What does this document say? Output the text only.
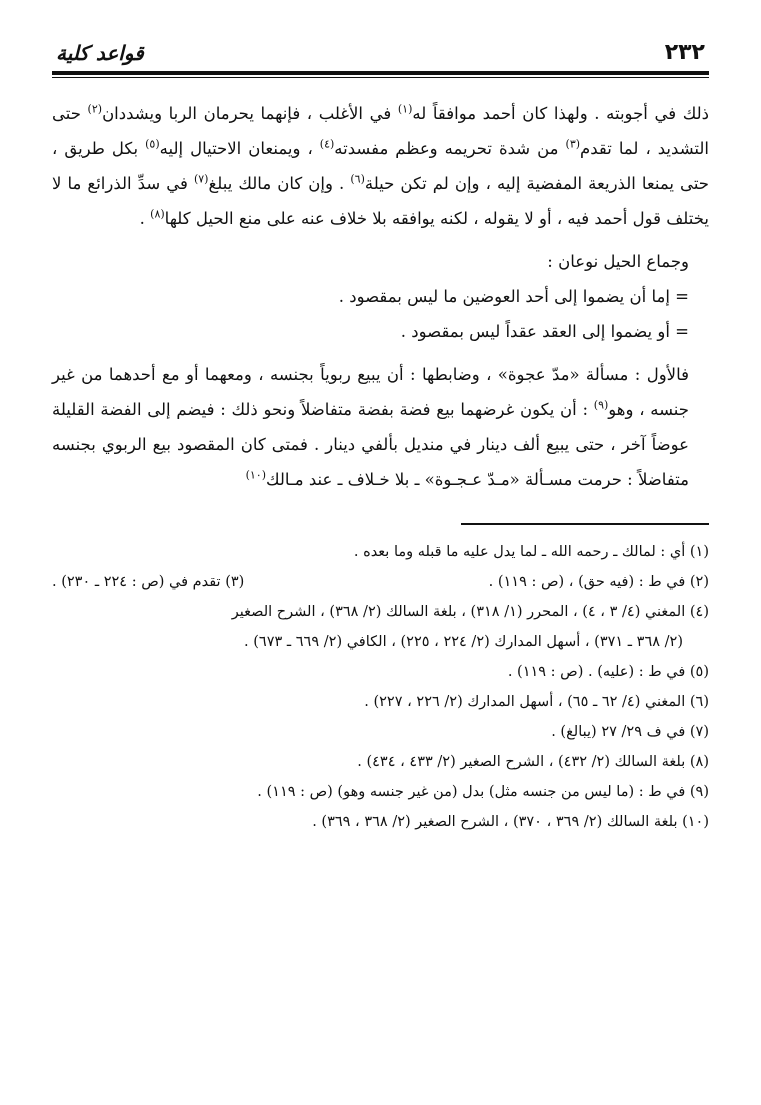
٢٣٢
قواعد كلية

ذلك في أجوبته . ولهذا كان أحمد موافقاً له$^{(١)}$ في الأغلب ، فإنهما يحرمان الربا ويشددان$^{(٢)}$ حتى التشديد ، لما تقدم$^{(٣)}$ من شدة تحريمه وعظم مفسدته$^{(٤)}$ ، ويمنعان الاحتيال إليه$^{(٥)}$ بكل طريق ، حتى يمنعا الذريعة المفضية إليه ، وإن لم تكن حيلة$^{(٦)}$ . وإن كان مالك يبلغ$^{(٧)}$ في سدِّ الذرائع ما لا يختلف قول أحمد فيه ، أو لا يقوله ، لكنه يوافقه بلا خلاف عنه على منع الحيل كلها$^{(٨)}$ .

وجماع الحيل نوعان :

= إما أن يضموا إلى أحد العوضين ما ليس بمقصود .

= أو يضموا إلى العقد عقداً ليس بمقصود .

فالأول : مسألة «مدّ عجوة» ، وضابطها : أن يبيع ربوياً بجنسه ، ومعهما أو مع أحدهما من غير جنسه ، وهو$^{(٩)}$ : أن يكون غرضهما بيع فضة بفضة متفاضلاً ونحو ذلك : فيضم إلى الفضة القليلة عوضاً آخر ، حتى يبيع ألف دينار في منديل بألفي دينار . فمتى كان المقصود بيع الربوي بجنسه متفاضلاً : حرمت مسـألة «مـدّ عـجـوة» ـ بلا خـلاف ـ عند مـالك$^{(١٠)}$

(١) أي : لمالك ـ رحمه الله ـ لما يدل عليه ما قبله وما بعده .

(٢) في ط : (فيه حق) ، (ص : ١١٩) .
(٣) تقدم في (ص : ٢٢٤ ـ ٢٣٠) .

(٤) المغني (٤/ ٣ ، ٤) ، المحرر (١/ ٣١٨) ، بلغة السالك (٢/ ٣٦٨) ، الشرح الصغير

(٢/ ٣٦٨ ـ ٣٧١) ، أسهل المدارك (٢/ ٢٢٤ ، ٢٢٥) ، الكافي (٢/ ٦٦٩ ـ ٦٧٣) .

(٥) في ط : (عليه) . (ص : ١١٩) .

(٦) المغني (٤/ ٦٢ ـ ٦٥) ، أسهل المدارك (٢/ ٢٢٦ ، ٢٢٧) .

(٧) في ف ٢٩/ ٢٧ (يبالغ) .

(٨) بلغة السالك (٢/ ٤٣٢) ، الشرح الصغير (٢/ ٤٣٣ ، ٤٣٤) .

(٩) في ط : (ما ليس من جنسه مثل) بدل (من غير جنسه وهو) (ص : ١١٩) .

(١٠) بلغة السالك (٢/ ٣٦٩ ، ٣٧٠) ، الشرح الصغير (٢/ ٣٦٨ ، ٣٦٩) .
